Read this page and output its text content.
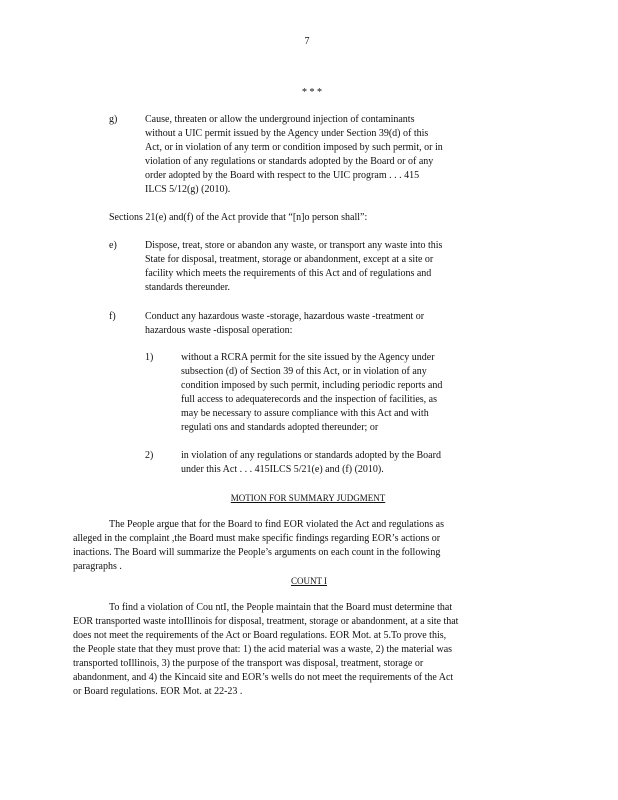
7
* * *
g)	Cause, threaten or allow the underground injection of contaminants
without a UIC permit issued by the Agency under Section 39(d) of this
Act, or in violation of any term or condition imposed by such permit, or in
violation of any regulations or standards adopted by the Board or of any
order adopted by the Board with respect to the UIC program . . . 415
ILCS 5/12(g) (2010).
Sections 21(e) and(f) of the Act provide that “[n]o person shall”:
e)	Dispose, treat, store or abandon any waste, or transport any waste into this
State for disposal, treatment, storage or abandonment, except at a site or
facility which meets the requirements of this Act and of regulations and
standards thereunder.
f)	Conduct any hazardous waste -storage, hazardous waste -treatment or
hazardous waste -disposal operation:
1)	without a RCRA permit for the site issued by the Agency under
subsection (d) of Section 39 of this Act, or in violation of any
condition imposed by such permit, including periodic reports and
full access to adequaterecords and the inspection of facilities, as
may be necessary to assure compliance with this Act and with
regulati ons and standards adopted thereunder; or
2)	in violation of any regulations or standards adopted by the Board
under this Act . . . 415ILCS 5/21(e) and (f) (2010).
MOTION FOR SUMMARY JUDGMENT
The People argue that for the Board to find EOR violated the Act and regulations as
alleged in the complaint ,the Board must make specific findings regarding EOR’s actions or
inactions. The Board will summarize the People’s arguments on each count in the following
paragraphs .
COUNT I
To find a violation of Cou ntI, the People maintain that the Board must determine that
EOR transported waste intoIllinois for disposal, treatment, storage or abandonment, at a site that
does not meet the requirements of the Act or Board regulations. EOR Mot. at 5.To prove this,
the People state that they must prove that: 1) the acid material was a waste, 2) the material was
transported toIllinois, 3) the purpose of the transport was disposal, treatment, storage or
abandonment, and 4) the Kincaid site and EOR’s wells do not meet the requirements of the Act
or Board regulations. EOR Mot. at 22-23 .
